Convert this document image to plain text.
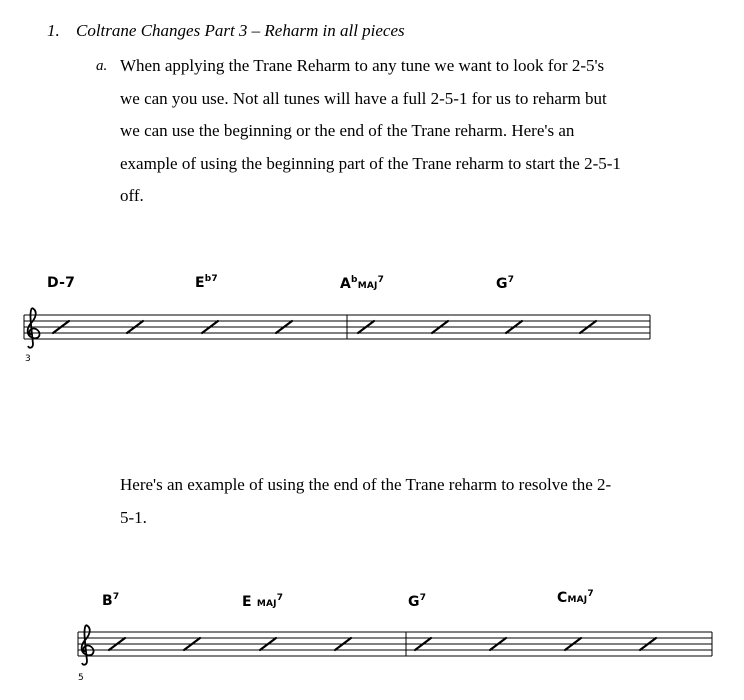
1. Coltrane Changes Part 3 – Reharm in all pieces
a. When applying the Trane Reharm to any tune we want to look for 2-5's
we can you use. Not all tunes will have a full 2-5-1 for us to reharm but
we can use the beginning or the end of the Trane reharm. Here's an
example of using the beginning part of the Trane reharm to start the 2-5-1
off.
D-7	$E^{b7}$	$A^bMAJ^7$	$G^7$
3
Here's an example of using the end of the Trane reharm to resolve the 2-
5-1.
$B^7$	E MAJ$^7$	$G^7$	CMAJ$^7$
5
